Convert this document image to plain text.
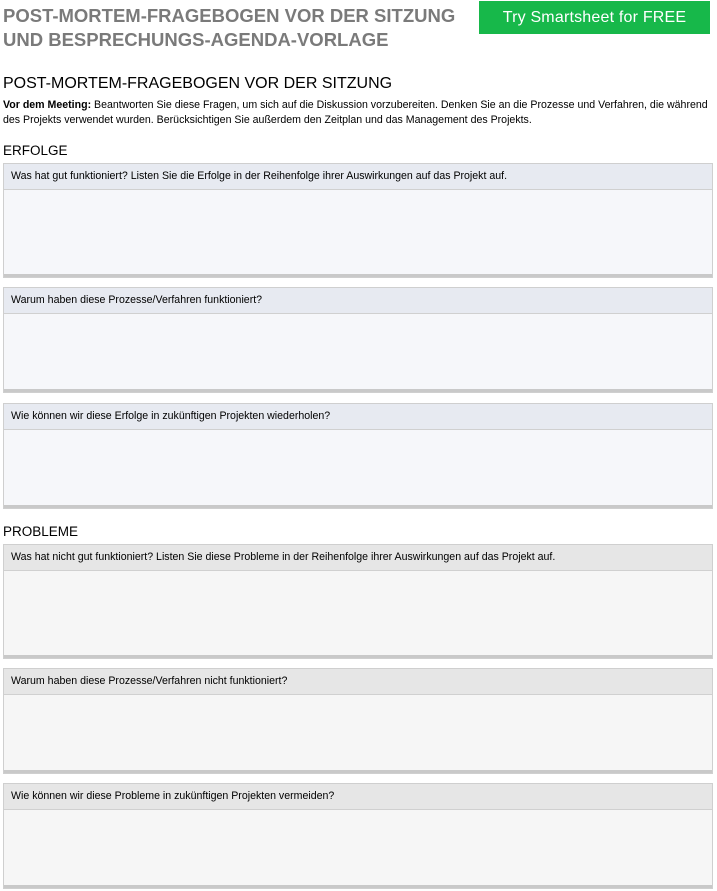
POST-MORTEM-FRAGEBOGEN VOR DER SITZUNG
UND BESPRECHUNGS-AGENDA-VORLAGE
Try Smartsheet for FREE
POST-MORTEM-FRAGEBOGEN VOR DER SITZUNG

Vor dem Meeting: Beantworten Sie diese Fragen, um sich auf die Diskussion vorzubereiten. Denken Sie an die Prozesse und Verfahren, die während des Projekts verwendet wurden. Berücksichtigen Sie außerdem den Zeitplan und das Management des Projekts.

ERFOLGE
Was hat gut funktioniert? Listen Sie die Erfolge in der Reihenfolge ihrer Auswirkungen auf das Projekt auf.
Warum haben diese Prozesse/Verfahren funktioniert?
Wie können wir diese Erfolge in zukünftigen Projekten wiederholen?
PROBLEME
Was hat nicht gut funktioniert? Listen Sie diese Probleme in der Reihenfolge ihrer Auswirkungen auf das Projekt auf.
Warum haben diese Prozesse/Verfahren nicht funktioniert?
Wie können wir diese Probleme in zukünftigen Projekten vermeiden?
